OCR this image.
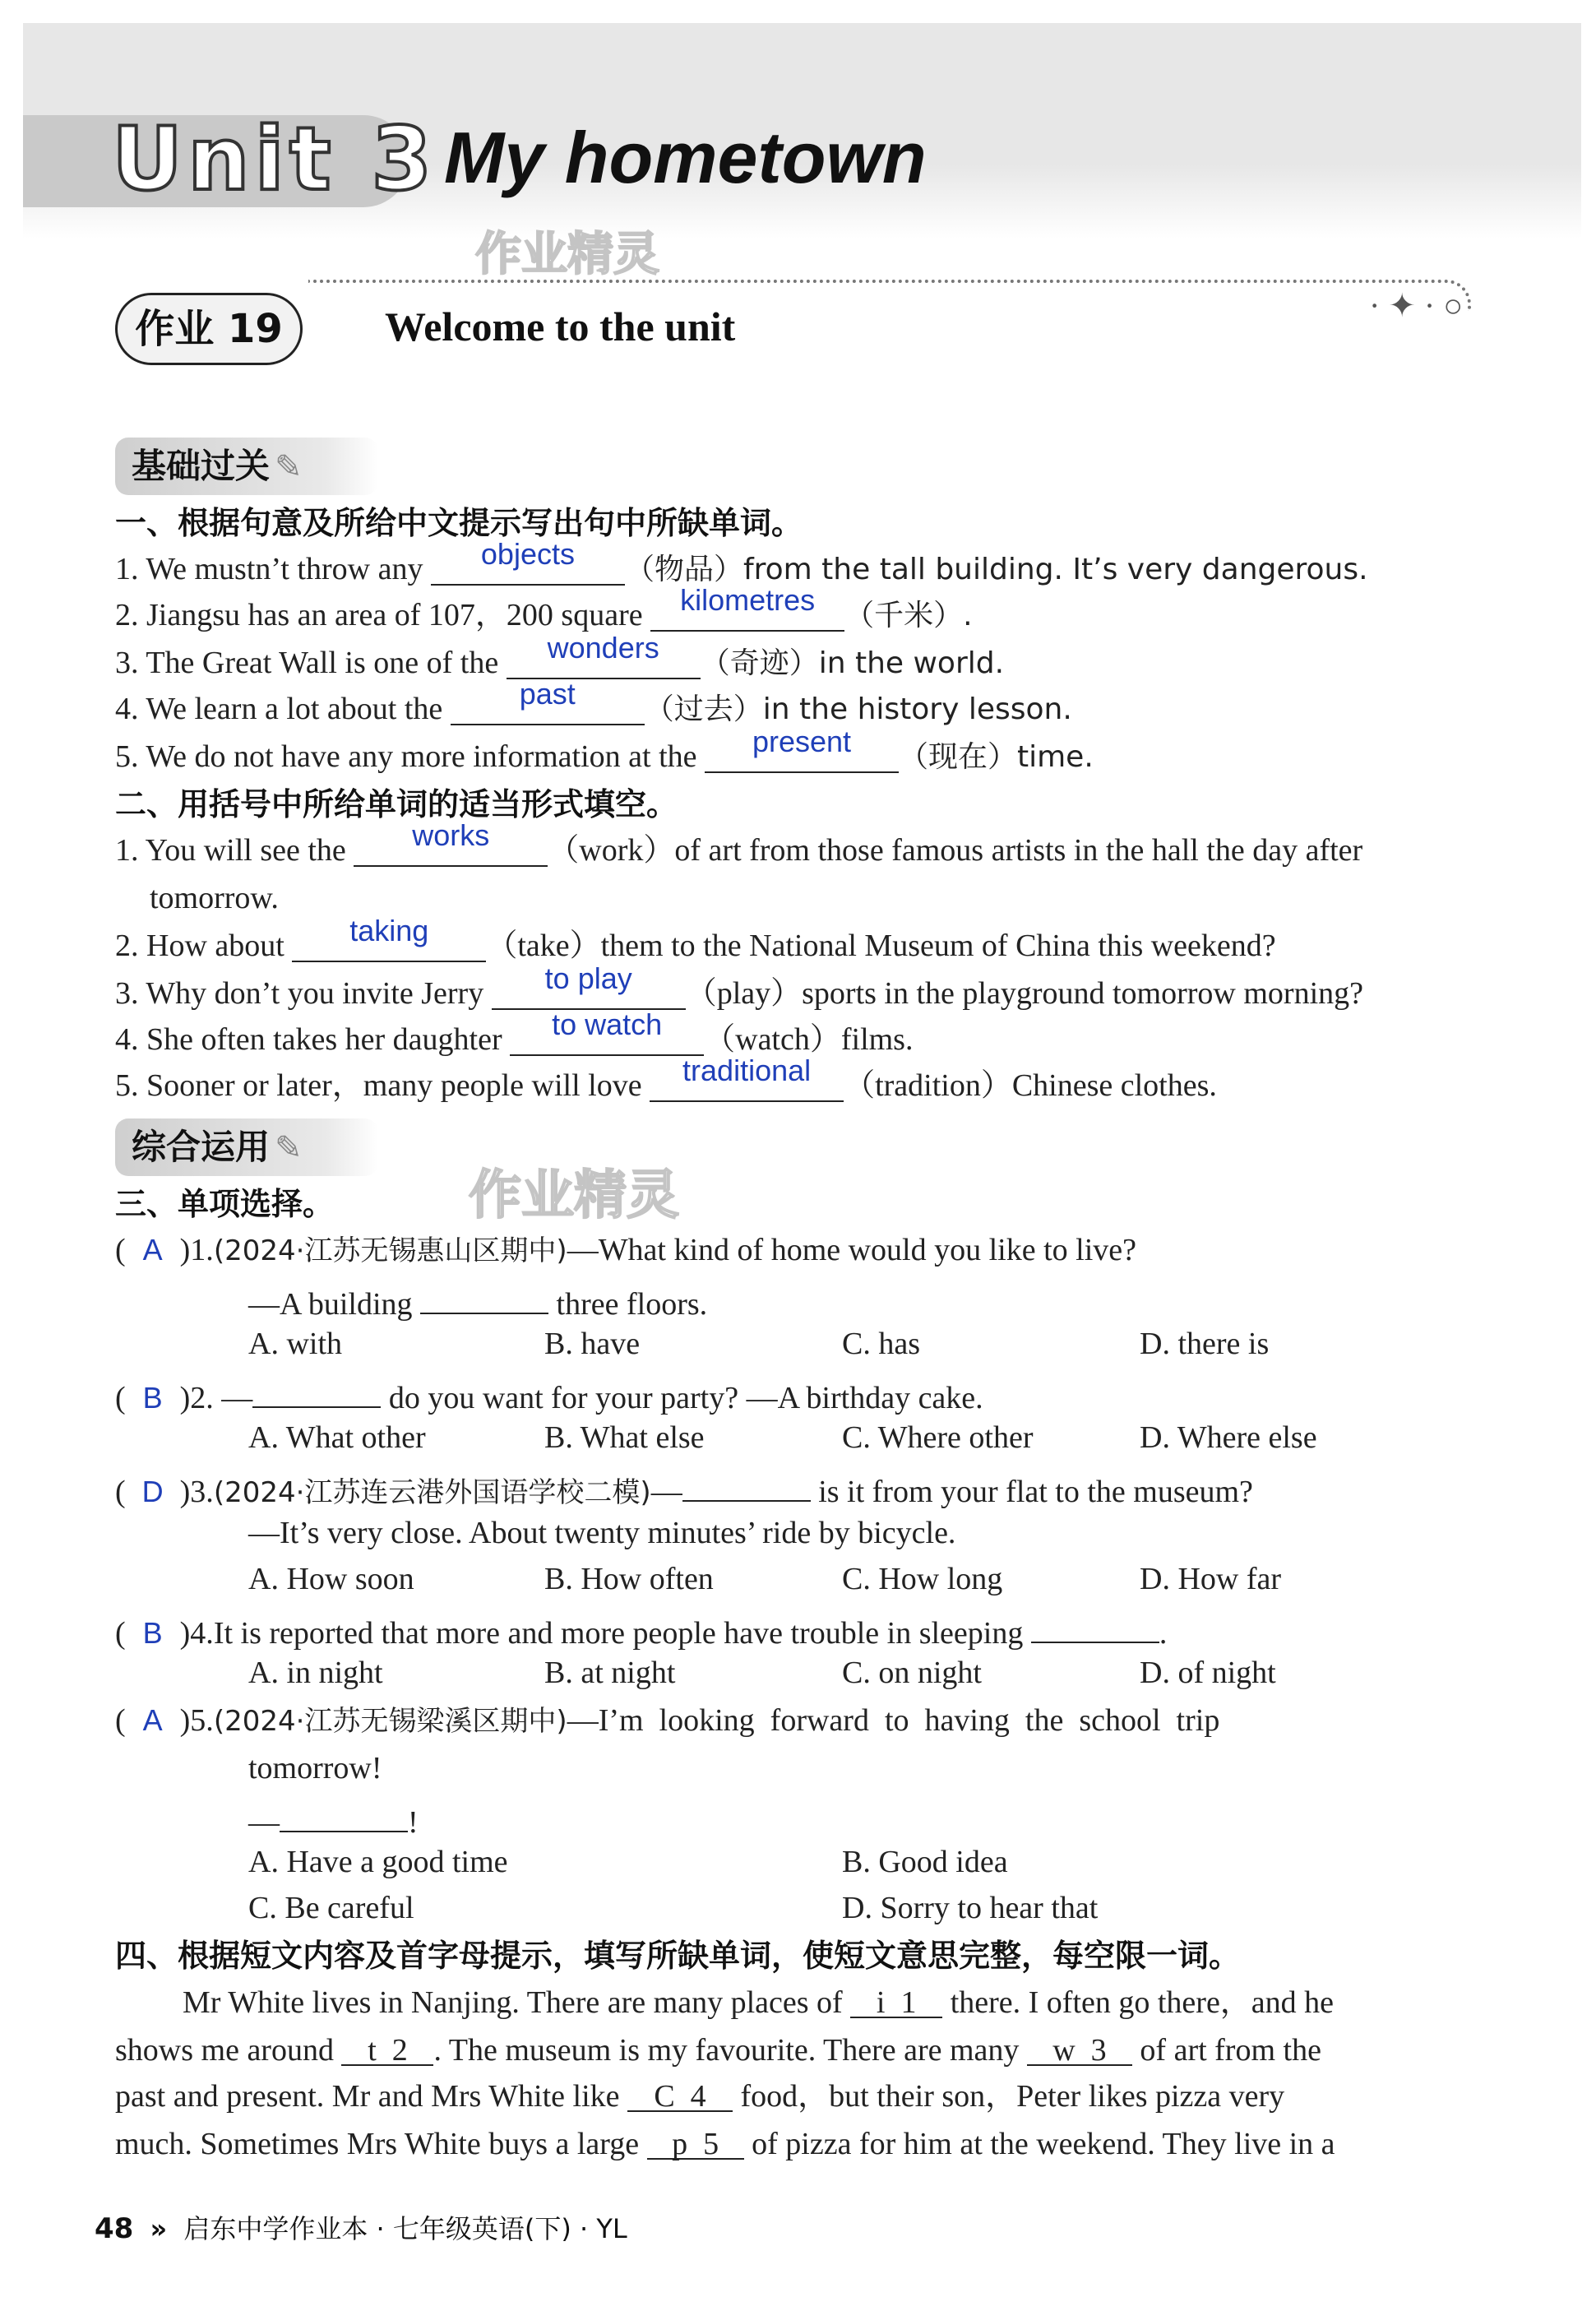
Unit 3 My hometown
作业精灵
作业 19	Welcome to the unit	· ✦ · ○
基础过关 ✎
一、根据句意及所给中文提示写出句中所缺单词。
1. We mustn’t throw any objects （物品）from the tall building. It’s very dangerous.
2. Jiangsu has an area of 107，200 square kilometres （千米）.
3. The Great Wall is one of the wonders （奇迹）in the world.
4. We learn a lot about the past （过去）in the history lesson.
5. We do not have any more information at the present （现在）time.
二、用括号中所给单词的适当形式填空。
1. You will see the works （work）of art from those famous artists in the hall the day after
tomorrow.
2. How about taking （take）them to the National Museum of China this weekend?
3. Why don’t you invite Jerry to play （play）sports in the playground tomorrow morning?
4. She often takes her daughter to watch （watch）films.
5. Sooner or later，many people will love traditional （tradition）Chinese clothes.
综合运用 ✎
作业精灵
三、单项选择。
( A )1.(2024·江苏无锡惠山区期中)—What kind of home would you like to live?
—A building	three floors.
A. with	B. have	C. has	D. there is
( B )2. —	do you want for your party? —A birthday cake.
A. What other	B. What else	C. Where other	D. Where else
( D )3.(2024·江苏连云港外国语学校二模)—	is it from your flat to the museum?
—It’s very close. About twenty minutes’ ride by bicycle.
A. How soon	B. How often	C. How long	D. How far
( B )4.It is reported that more and more people have trouble in sleeping	.
A. in night	B. at night	C. on night	D. of night
( A )5.(2024·江苏无锡梁溪区期中)—I’m  looking  forward  to  having  the  school  trip
tomorrow!
—	!
A. Have a good time	B. Good idea
C. Be careful	D. Sorry to hear that
四、根据短文内容及首字母提示，填写所缺单词，使短文意思完整，每空限一词。
Mr White lives in Nanjing. There are many places of i 1 there. I often go there，and he
shows me around t 2 . The museum is my favourite. There are many w 3 of art from the
past and present. Mr and Mrs White like C 4 food，but their son，Peter likes pizza very
much. Sometimes Mrs White buys a large p 5 of pizza for him at the weekend. They live in a
48 » 启东中学作业本 · 七年级英语(下) · YL
